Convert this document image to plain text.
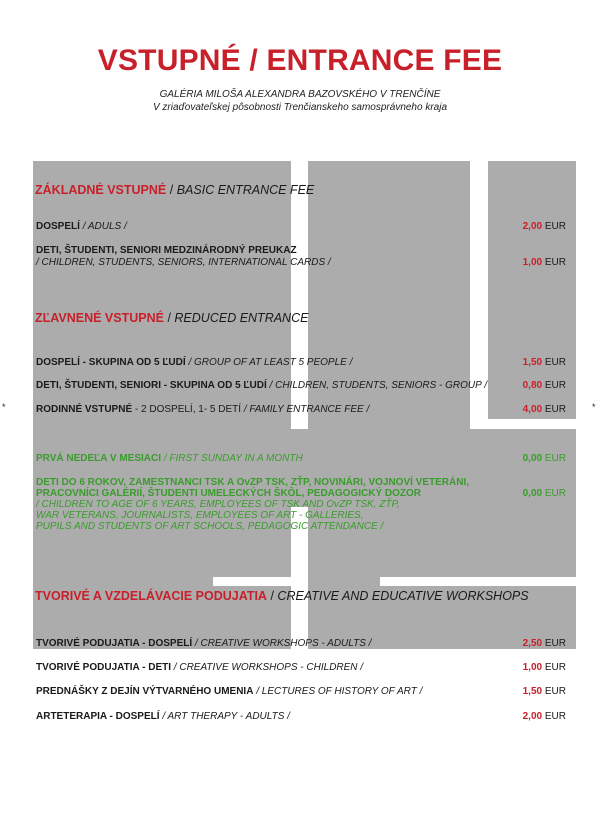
VSTUPNÉ / ENTRANCE FEE
GALÉRIA MILOŠA ALEXANDRA BAZOVSKÉHO V TRENČÍNE
V zriaďovateľskej pôsobnosti Trenčianskeho samosprávneho kraja
*	*
ZÁKLADNÉ VSTUPNÉ / BASIC ENTRANCE FEE
DOSPELÍ / ADULS /	2,00 EUR
DETI, ŠTUDENTI, SENIORI MEDZINÁRODNÝ PREUKAZ
/ CHILDREN, STUDENTS, SENIORS, INTERNATIONAL CARDS /	1,00 EUR
ZĽAVNENÉ VSTUPNÉ / REDUCED ENTRANCE
DOSPELÍ - SKUPINA OD 5 ĽUDÍ / GROUP OF AT LEAST 5 PEOPLE /	1,50 EUR
DETI, ŠTUDENTI, SENIORI - SKUPINA OD 5 ĽUDÍ / CHILDREN, STUDENTS, SENIORS - GROUP /	0,80 EUR
RODINNÉ VSTUPNÉ - 2 DOSPELÍ, 1- 5 DETÍ / FAMILY ENTRANCE FEE /	4,00 EUR
PRVÁ NEDEĽA V MESIACI / FIRST SUNDAY IN A MONTH	0,00 EUR
DETI DO 6 ROKOV, ZAMESTNANCI TSK A OvZP TSK, ZŤP, NOVINÁRI, VOJNOVÍ VETERÁNI,
PRACOVNÍCI GALÉRIÍ, ŠTUDENTI UMELECKÝCH ŠKÔL, PEDAGOGICKÝ DOZOR
/ CHILDREN TO AGE OF 6 YEARS, EMPLOYEES OF TSK AND OvZP TSK, ZŤP,
WAR VETERANS, JOURNALISTS, EMPLOYEES OF ART - GALLERIES,
PUPILS AND STUDENTS OF ART SCHOOLS, PEDAGOGIC ATTENDANCE /
0,00 EUR
TVORIVÉ A VZDELÁVACIE PODUJATIA / CREATIVE AND EDUCATIVE WORKSHOPS
TVORIVÉ PODUJATIA - DOSPELÍ / CREATIVE WORKSHOPS - ADULTS /	2,50 EUR
TVORIVÉ PODUJATIA - DETI / CREATIVE WORKSHOPS - CHILDREN /	1,00 EUR
PREDNÁŠKY Z DEJÍN VÝTVARNÉHO UMENIA / LECTURES OF HISTORY OF ART /	1,50 EUR
ARTETERAPIA - DOSPELÍ / ART THERAPY - ADULTS /	2,00 EUR
